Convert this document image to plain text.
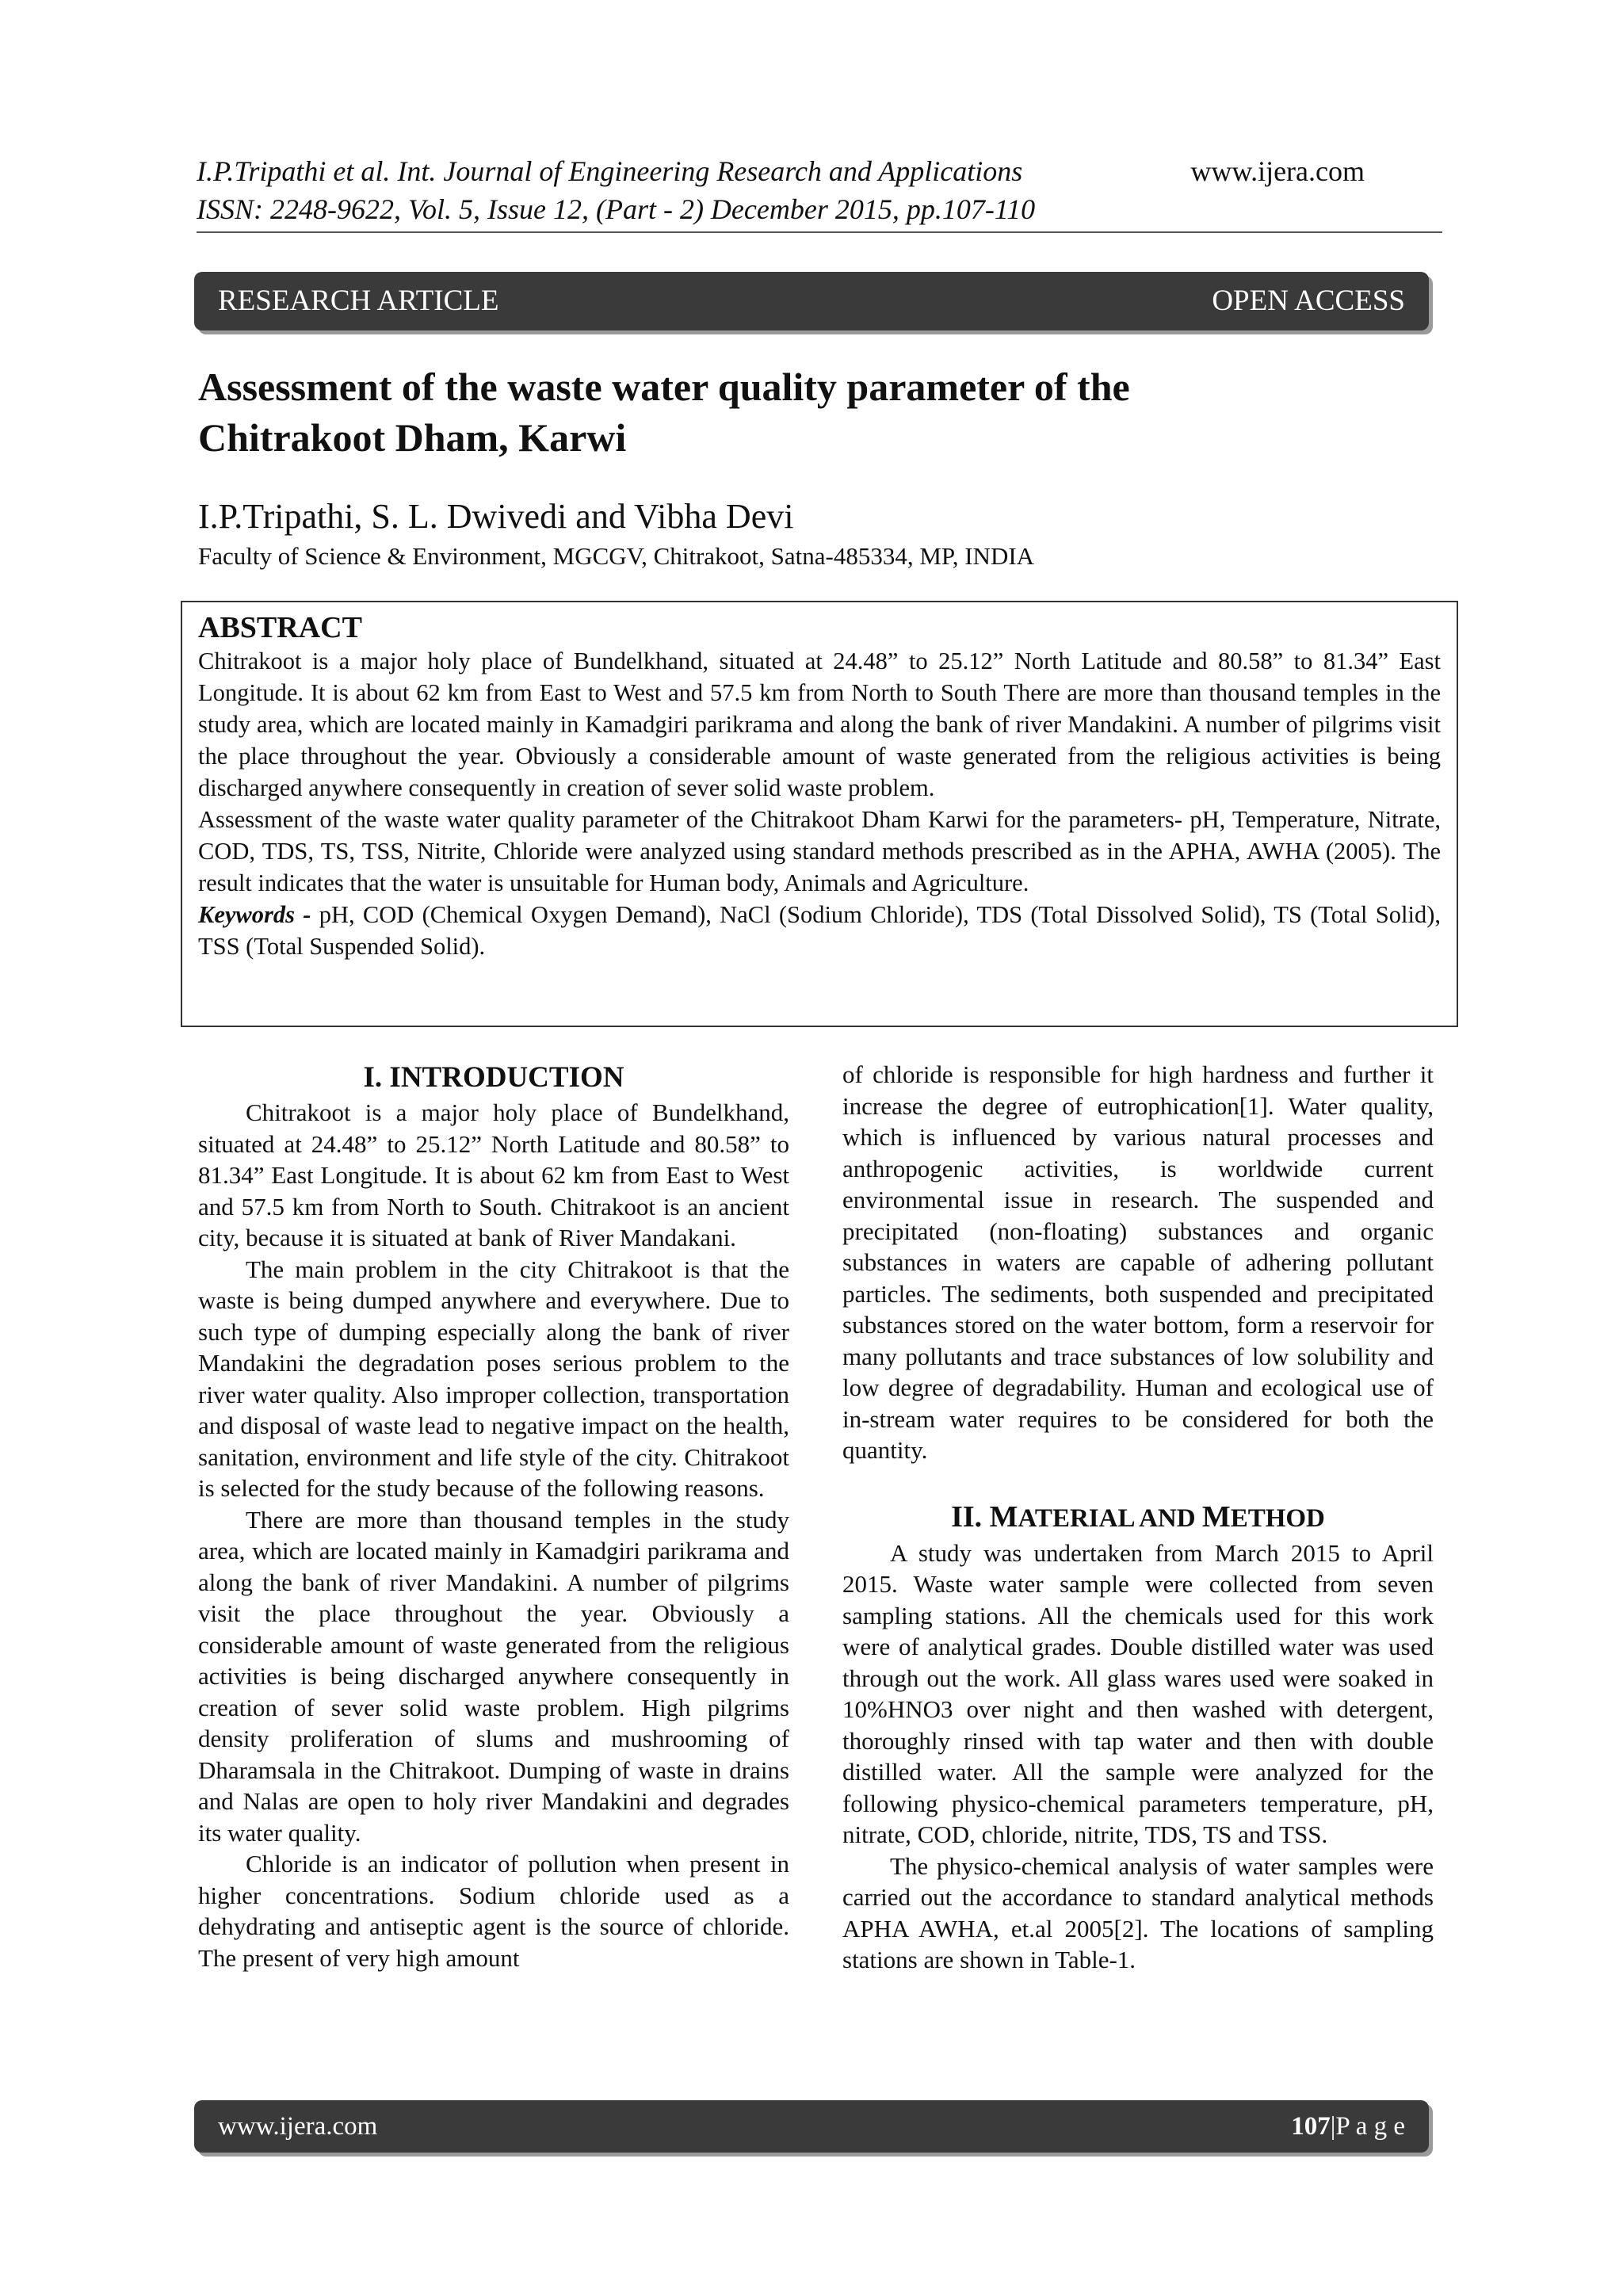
I.P.Tripathi et al. Int. Journal of Engineering Research and Applications
ISSN: 2248-9622, Vol. 5, Issue 12, (Part - 2) December 2015, pp.107-110
www.ijera.com
RESEARCH ARTICLE	OPEN ACCESS
Assessment of the waste water quality parameter of the
Chitrakoot Dham, Karwi
I.P.Tripathi, S. L. Dwivedi and Vibha Devi
Faculty of Science & Environment, MGCGV, Chitrakoot, Satna-485334, MP, INDIA
ABSTRACT

Chitrakoot is a major holy place of Bundelkhand, situated at 24.48” to 25.12” North Latitude and 80.58” to 81.34” East Longitude. It is about 62 km from East to West and 57.5 km from North to South There are more than thousand temples in the study area, which are located mainly in Kamadgiri parikrama and along the bank of river Mandakini. A number of pilgrims visit the place throughout the year. Obviously a considerable amount of waste generated from the religious activities is being discharged anywhere consequently in creation of sever solid waste problem.

Assessment of the waste water quality parameter of the Chitrakoot Dham Karwi for the parameters- pH, Temperature, Nitrate, COD, TDS, TS, TSS, Nitrite, Chloride were analyzed using standard methods prescribed as in the APHA, AWHA (2005). The result indicates that the water is unsuitable for Human body, Animals and Agriculture.

Keywords - pH, COD (Chemical Oxygen Demand), NaCl (Sodium Chloride), TDS (Total Dissolved Solid), TS (Total Solid), TSS (Total Suspended Solid).

I. INTRODUCTION

Chitrakoot is a major holy place of Bundelkhand, situated at 24.48” to 25.12” North Latitude and 80.58” to 81.34” East Longitude. It is about 62 km from East to West and 57.5 km from North to South. Chitrakoot is an ancient city, because it is situated at bank of River Mandakani.

The main problem in the city Chitrakoot is that the waste is being dumped anywhere and everywhere. Due to such type of dumping especially along the bank of river Mandakini the degradation poses serious problem to the river water quality. Also improper collection, transportation and disposal of waste lead to negative impact on the health, sanitation, environment and life style of the city. Chitrakoot is selected for the study because of the following reasons.

There are more than thousand temples in the study area, which are located mainly in Kamadgiri parikrama and along the bank of river Mandakini. A number of pilgrims visit the place throughout the year. Obviously a considerable amount of waste generated from the religious activities is being discharged anywhere consequently in creation of sever solid waste problem. High pilgrims density proliferation of slums and mushrooming of Dharamsala in the Chitrakoot. Dumping of waste in drains and Nalas are open to holy river Mandakini and degrades its water quality.

Chloride is an indicator of pollution when present in higher concentrations. Sodium chloride used as a dehydrating and antiseptic agent is the source of chloride. The present of very high amount

of chloride is responsible for high hardness and further it increase the degree of eutrophication[1]. Water quality, which is influenced by various natural processes and anthropogenic activities, is worldwide current environmental issue in research. The suspended and precipitated (non-floating) substances and organic substances in waters are capable of adhering pollutant particles. The sediments, both suspended and precipitated substances stored on the water bottom, form a reservoir for many pollutants and trace substances of low solubility and low degree of degradability. Human and ecological use of in-stream water requires to be considered for both the quantity.

II. MATERIAL AND METHOD

A study was undertaken from March 2015 to April 2015. Waste water sample were collected from seven sampling stations. All the chemicals used for this work were of analytical grades. Double distilled water was used through out the work. All glass wares used were soaked in 10%HNO3 over night and then washed with detergent, thoroughly rinsed with tap water and then with double distilled water. All the sample were analyzed for the following physico-chemical parameters temperature, pH, nitrate, COD, chloride, nitrite, TDS, TS and TSS.

The physico-chemical analysis of water samples were carried out the accordance to standard analytical methods APHA AWHA, et.al 2005[2]. The locations of sampling stations are shown in Table-1.

www.ijera.com	107|P a g e
